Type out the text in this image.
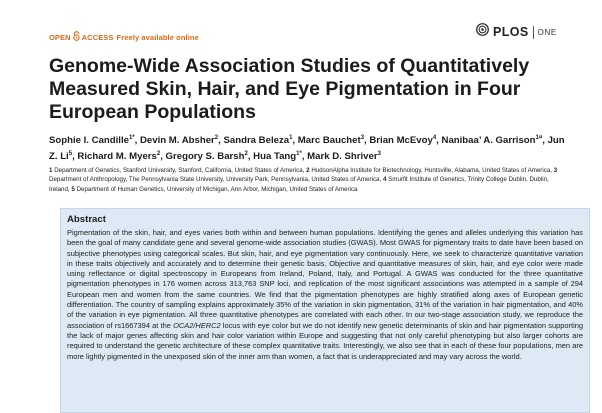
OPEN ACCESS Freely available online	PLOS ONE
Genome-Wide Association Studies of Quantitatively Measured Skin, Hair, and Eye Pigmentation in Four European Populations
Sophie I. Candille$^{1*}$, Devin M. Absher$^2$, Sandra Beleza$^1$, Marc Bauchet$^3$, Brian McEvoy$^4$, Nanibaa’ A. Garrison$^{1¤}$, Jun Z. Li$^5$, Richard M. Myers$^2$, Gregory S. Barsh$^2$, Hua Tang$^{1*}$, Mark D. Shriver$^3$
1 Department of Genetics, Stanford University, Stanford, California, United States of America, 2 HudsonAlpha Institute for Biotechnology, Huntsville, Alabama, United States of America, 3 Department of Anthropology, The Pennsylvania State University, University Park, Pennsylvania, United States of America, 4 Smurfit Institute of Genetics, Trinity College Dublin, Dublin, Ireland, 5 Department of Human Genetics, University of Michigan, Ann Arbor, Michigan, United States of America
Abstract

Pigmentation of the skin, hair, and eyes varies both within and between human populations. Identifying the genes and alleles underlying this variation has been the goal of many candidate gene and several genome-wide association studies (GWAS). Most GWAS for pigmentary traits to date have been based on subjective phenotypes using categorical scales. But skin, hair, and eye pigmentation vary continuously. Here, we seek to characterize quantitative variation in these traits objectively and accurately and to determine their genetic basis. Objective and quantitative measures of skin, hair, and eye color were made using reflectance or digital spectroscopy in Europeans from Ireland, Poland, Italy, and Portugal. A GWAS was conducted for the three quantitative pigmentation phenotypes in 176 women across 313,763 SNP loci, and replication of the most significant associations was attempted in a sample of 294 European men and women from the same countries. We find that the pigmentation phenotypes are highly stratified along axes of European genetic differentiation. The country of sampling explains approximately 35% of the variation in skin pigmentation, 31% of the variation in hair pigmentation, and 40% of the variation in eye pigmentation. All three quantitative phenotypes are correlated with each other. In our two-stage association study, we reproduce the association of rs1667394 at the OCA2/HERC2 locus with eye color but we do not identify new genetic determinants of skin and hair pigmentation supporting the lack of major genes affecting skin and hair color variation within Europe and suggesting that not only careful phenotyping but also larger cohorts are required to understand the genetic architecture of these complex quantitative traits. Interestingly, we also see that in each of these four populations, men are more lightly pigmented in the unexposed skin of the inner arm than women, a fact that is underappreciated and may vary across the world.
